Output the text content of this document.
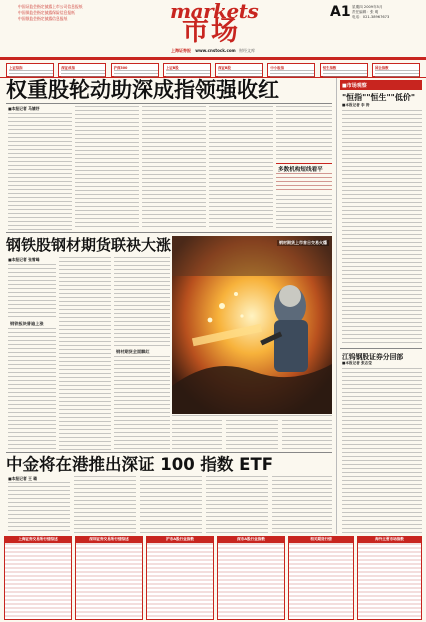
中国证监会指定披露上市公司信息报纸
中国保监会指定披露保险信息报纸
中国银监会指定披露信息报纸	markets
市场
上海证券报 www.cnstock.com 财经文库
A1 星期四 2009年5月
责任编辑：张 明
电话：021-38967673
上证综指	深证成指	沪深300	上证B股	深证B股	中小板指	恒生指数	国企指数
权重股轮动助深成指领强收红
■本报记者 马婧妤
多数机构短线看平
钢铁股钢材期货联袂大涨
■本报记者 张雪峰
钢铁板块普遍上涨
钢材期货全面飘红
钢材期货上市首日交易火爆
中金将在港推出深证 100 指数 ETF
■本报记者 王 璐
■市场观察
"恒指""恒生""低价"
■本报记者 李 涛
江钨钢股证券分回部
■本报记者 张志莹
上海证券交易所行情综述	深圳证券交易所行情综述	沪市A股行业指数	深市A股行业指数	相关期货行情	海外主要市场指数
